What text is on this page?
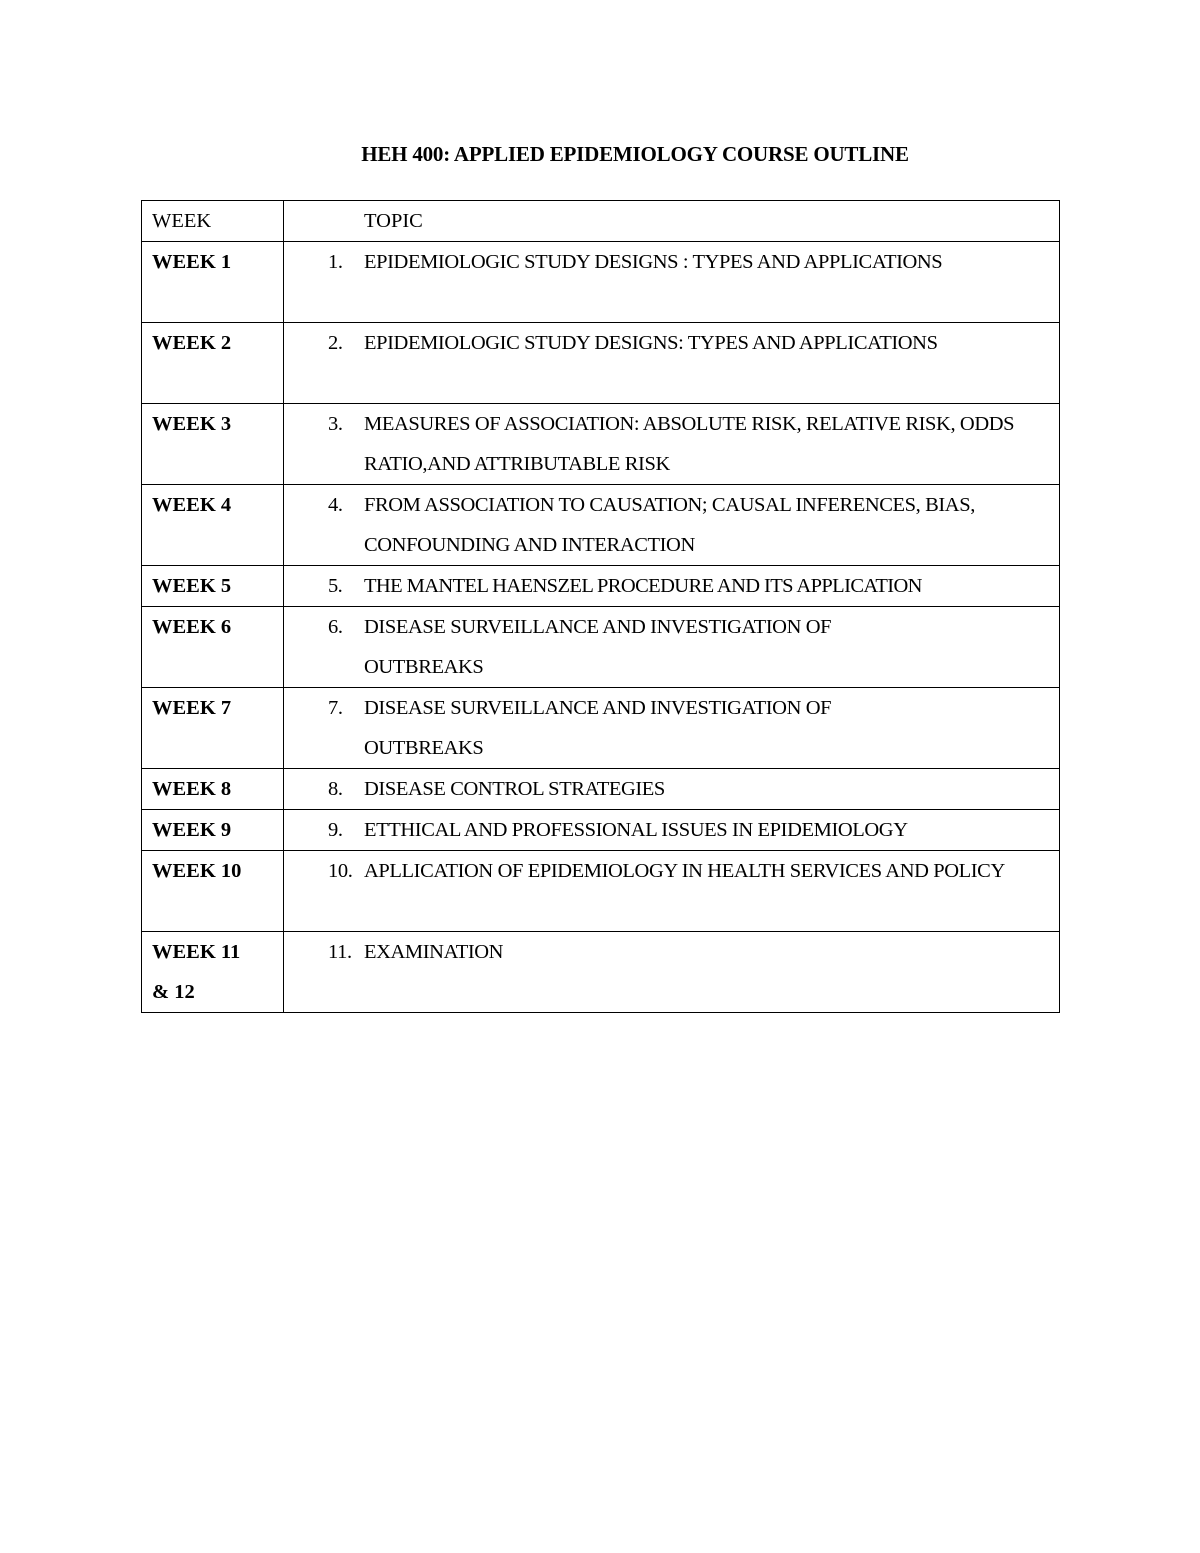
HEH 400: APPLIED EPIDEMIOLOGY COURSE OUTLINE
WEEK	TOPIC

WEEK 1	1. EPIDEMIOLOGIC STUDY DESIGNS : TYPES AND APPLICATIONS

WEEK 2	2. EPIDEMIOLOGIC STUDY DESIGNS: TYPES AND APPLICATIONS

WEEK 3	3. MEASURES OF ASSOCIATION: ABSOLUTE RISK, RELATIVE RISK, ODDS RATIO,AND ATTRIBUTABLE RISK

WEEK 4	4. FROM ASSOCIATION TO CAUSATION; CAUSAL INFERENCES, BIAS, CONFOUNDING AND INTERACTION

WEEK 5	5. THE MANTEL HAENSZEL PROCEDURE AND ITS APPLICATION

WEEK 6	6. DISEASE SURVEILLANCE AND INVESTIGATION OF OUTBREAKS

WEEK 7	7. DISEASE SURVEILLANCE AND INVESTIGATION OF OUTBREAKS

WEEK 8	8. DISEASE CONTROL STRATEGIES

WEEK 9	9. ETTHICAL AND PROFESSIONAL ISSUES IN EPIDEMIOLOGY

WEEK 10	10. APLLICATION OF EPIDEMIOLOGY IN HEALTH SERVICES AND POLICY

WEEK 11 & 12	11. EXAMINATION
